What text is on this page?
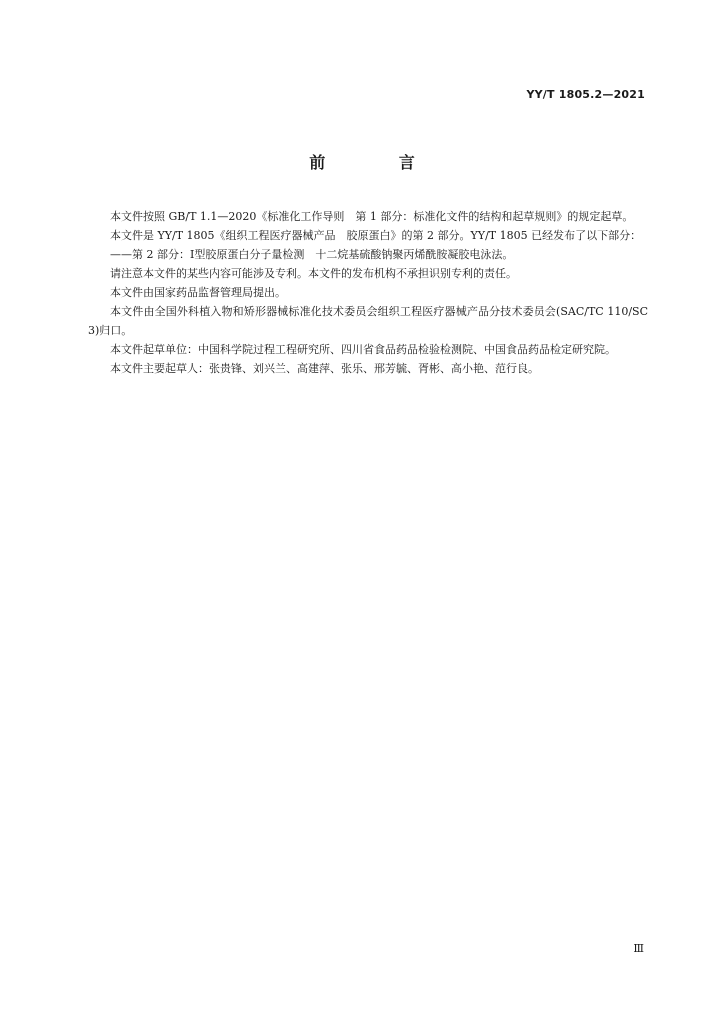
YY/T 1805.2—2021
前 言

本文件按照 GB/T 1.1—2020《标准化工作导则　第 1 部分：标准化文件的结构和起草规则》的规定起草。

本文件是 YY/T 1805《组织工程医疗器械产品　胶原蛋白》的第 2 部分。YY/T 1805 已经发布了以下部分：

——第 2 部分：Ⅰ型胶原蛋白分子量检测　十二烷基硫酸钠聚丙烯酰胺凝胶电泳法。

请注意本文件的某些内容可能涉及专利。本文件的发布机构不承担识别专利的责任。

本文件由国家药品监督管理局提出。

本文件由全国外科植入物和矫形器械标准化技术委员会组织工程医疗器械产品分技术委员会(SAC/TC 110/SC 3)归口。

本文件起草单位：中国科学院过程工程研究所、四川省食品药品检验检测院、中国食品药品检定研究院。

本文件主要起草人：张贵锋、刘兴兰、高建萍、张乐、邢芳毓、胥彬、高小艳、范行良。

Ⅲ
